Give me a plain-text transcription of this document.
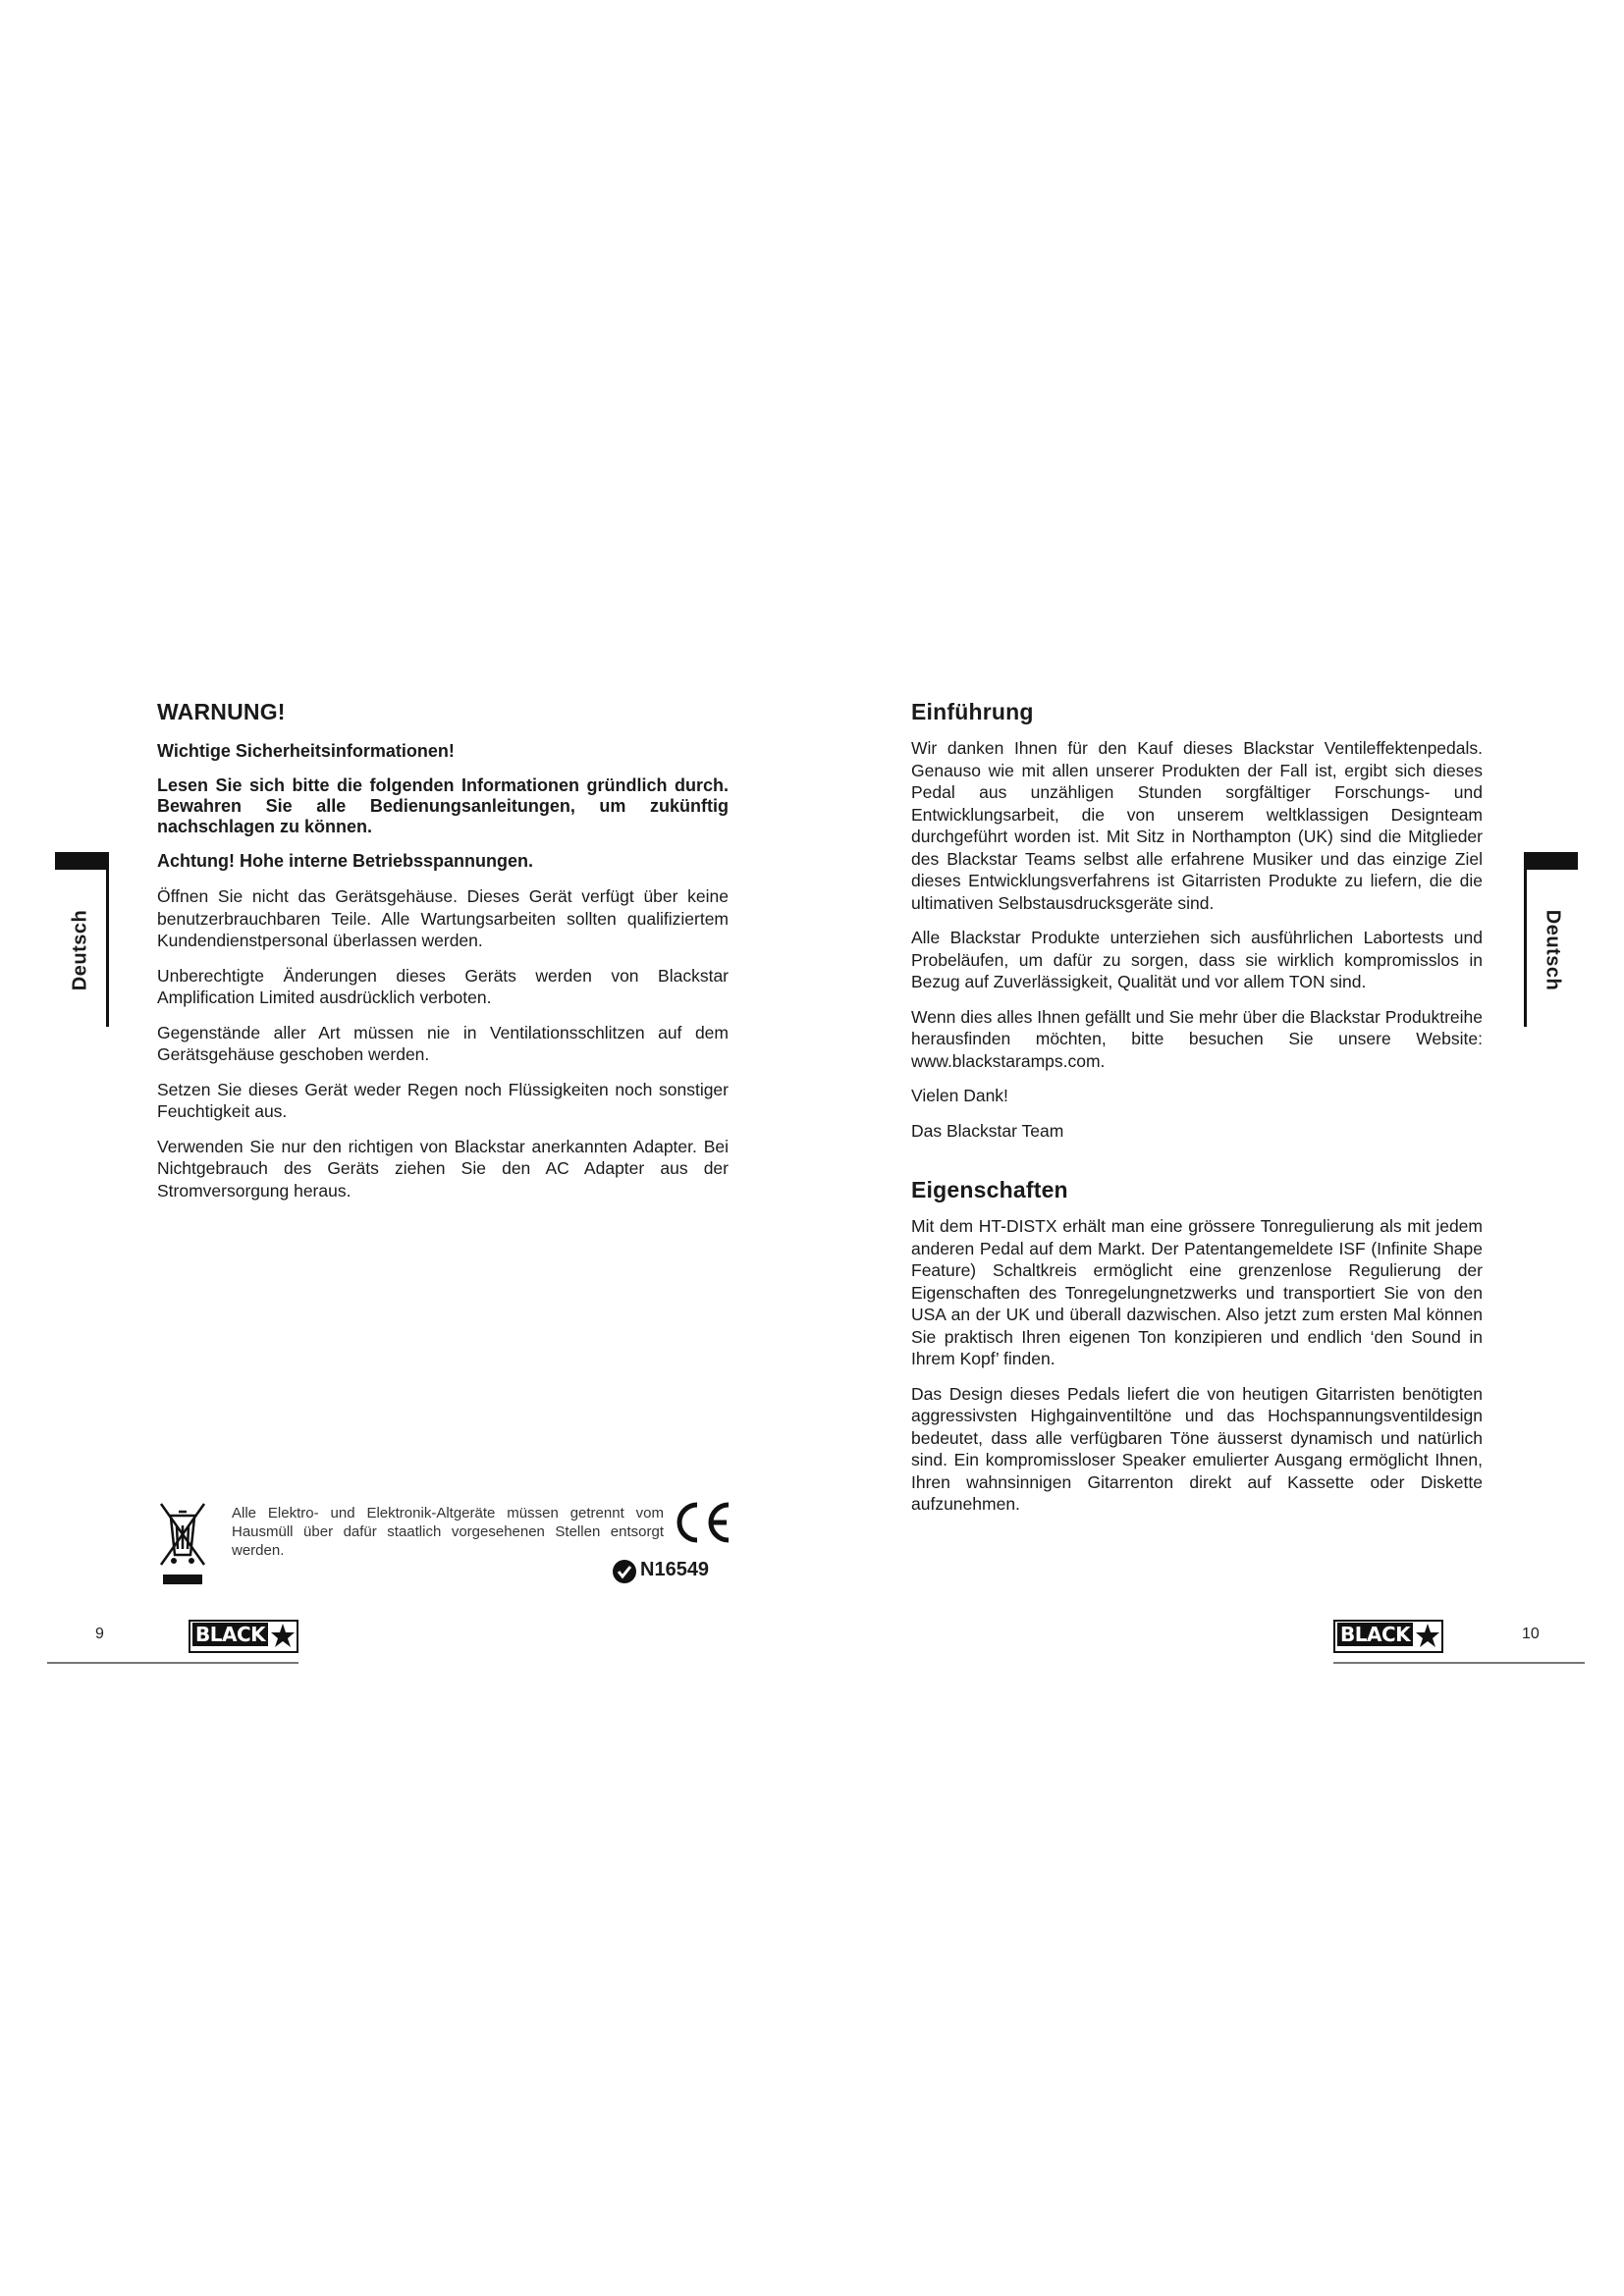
WARNUNG!
Wichtige Sicherheitsinformationen!
Lesen Sie sich bitte die folgenden Informationen gründlich durch. Bewahren Sie alle Bedienungsanleitungen, um zukünftig nachschlagen zu können.
Achtung! Hohe interne Betriebsspannungen.
Öffnen Sie nicht das Gerätsgehäuse. Dieses Gerät verfügt über keine benutzerbrauchbaren Teile. Alle Wartungsarbeiten sollten qualifiziertem Kundendienstpersonal überlassen werden.
Unberechtigte Änderungen dieses Geräts werden von Blackstar Amplification Limited ausdrücklich verboten.
Gegenstände aller Art müssen nie in Ventilationsschlitzen auf dem Gerätsgehäuse geschoben werden.
Setzen Sie dieses Gerät weder Regen noch Flüssigkeiten noch sonstiger Feuchtigkeit aus.
Verwenden Sie nur den richtigen von Blackstar anerkannten Adapter. Bei Nichtgebrauch des Geräts ziehen Sie den AC Adapter aus der Stromversorgung heraus.
Deutsch
Alle Elektro- und Elektronik-Altgeräte müssen getrennt vom Hausmüll über dafür staatlich vorgesehenen Stellen entsorgt werden.
CE
N16549
9	BLACK
Einführung
Wir danken Ihnen für den Kauf dieses Blackstar Ventileffektenpedals. Genauso wie mit allen unserer Produkten der Fall ist, ergibt sich dieses Pedal aus unzähligen Stunden sorgfältiger Forschungs- und Entwicklungsarbeit, die von unserem weltklassigen Designteam durchgeführt worden ist. Mit Sitz in Northampton (UK) sind die Mitglieder des Blackstar Teams selbst alle erfahrene Musiker und das einzige Ziel dieses Entwicklungsverfahrens ist Gitarristen Produkte zu liefern, die die ultimativen Selbstausdrucksgeräte sind.
Alle Blackstar Produkte unterziehen sich ausführlichen Labortests und Probeläufen, um dafür zu sorgen, dass sie wirklich kompromisslos in Bezug auf Zuverlässigkeit, Qualität und vor allem TON sind.
Wenn dies alles Ihnen gefällt und Sie mehr über die Blackstar Produktreihe herausfinden möchten, bitte besuchen Sie unsere Website: www.blackstaramps.com.
Vielen Dank!
Das Blackstar Team
Eigenschaften
Mit dem HT-DISTX erhält man eine grössere Tonregulierung als mit jedem anderen Pedal auf dem Markt. Der Patentangemeldete ISF (Infinite Shape Feature) Schaltkreis ermöglicht eine grenzenlose Regulierung der Eigenschaften des Tonregelungnetzwerks und transportiert Sie von den USA an der UK und überall dazwischen. Also jetzt zum ersten Mal können Sie praktisch Ihren eigenen Ton konzipieren und endlich ‘den Sound in Ihrem Kopf’ finden.
Das Design dieses Pedals liefert die von heutigen Gitarristen benötigten aggressivsten Highgainventiltöne und das Hochspannungsventildesign bedeutet, dass alle verfügbaren Töne äusserst dynamisch und natürlich sind. Ein kompromissloser Speaker emulierter Ausgang ermöglicht Ihnen, Ihren wahnsinnigen Gitarrenton direkt auf Kassette oder Diskette aufzunehmen.
Deutsch
BLACK	10
